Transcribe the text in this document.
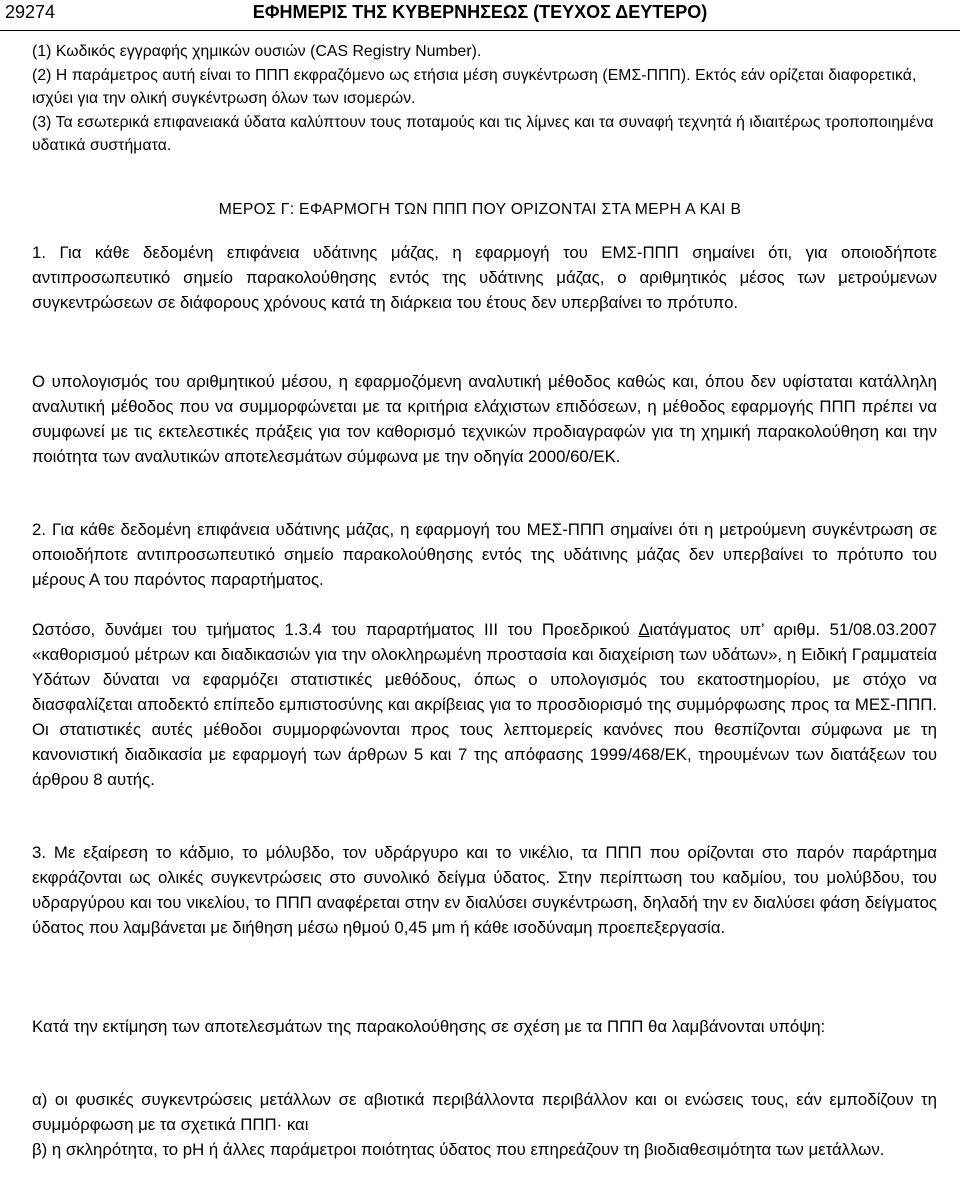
29274	ΕΦΗΜΕΡΙΣ ΤΗΣ ΚΥΒΕΡΝΗΣΕΩΣ (ΤΕΥΧΟΣ ΔΕΥΤΕΡΟ)

(1) Κωδικός εγγραφής χημικών ουσιών (CAS Registry Number).

(2) Η παράμετρος αυτή είναι το ΠΠΠ εκφραζόμενο ως ετήσια μέση συγκέντρωση (ΕΜΣ-ΠΠΠ). Εκτός εάν ορίζεται διαφορετικά, ισχύει για την ολική συγκέντρωση όλων των ισομερών.

(3) Τα εσωτερικά επιφανειακά ύδατα καλύπτουν τους ποταμούς και τις λίμνες και τα συναφή τεχνητά ή ιδιαιτέρως τροποποιημένα υδατικά συστήματα.

ΜΕΡΟΣ Γ: ΕΦΑΡΜΟΓΗ ΤΩΝ ΠΠΠ ΠΟΥ ΟΡΙΖΟΝΤΑΙ ΣΤΑ ΜΕΡΗ Α ΚΑΙ Β

1. Για κάθε δεδομένη επιφάνεια υδάτινης μάζας, η εφαρμογή του ΕΜΣ-ΠΠΠ σημαίνει ότι, για οποιοδήποτε αντιπροσωπευτικό σημείο παρακολούθησης εντός της υδάτινης μάζας, ο αριθμητικός μέσος των μετρούμενων συγκεντρώσεων σε διάφορους χρόνους κατά τη διάρκεια του έτους δεν υπερβαίνει το πρότυπο.

Ο υπολογισμός του αριθμητικού μέσου, η εφαρμοζόμενη αναλυτική μέθοδος καθώς και, όπου δεν υφίσταται κατάλληλη αναλυτική μέθοδος που να συμμορφώνεται με τα κριτήρια ελάχιστων επιδόσεων, η μέθοδος εφαρμογής ΠΠΠ πρέπει να συμφωνεί με τις εκτελεστικές πράξεις για τον καθορισμό τεχνικών προδιαγραφών για τη χημική παρακολούθηση και την ποιότητα των αναλυτικών αποτελεσμάτων σύμφωνα με την οδηγία 2000/60/ΕΚ.

2. Για κάθε δεδομένη επιφάνεια υδάτινης μάζας, η εφαρμογή του ΜΕΣ-ΠΠΠ σημαίνει ότι η μετρούμενη συγκέντρωση σε οποιοδήποτε αντιπροσωπευτικό σημείο παρακολούθησης εντός της υδάτινης μάζας δεν υπερβαίνει το πρότυπο του μέρους Α του παρόντος παραρτήματος.

Ωστόσο, δυνάμει του τμήματος 1.3.4 του παραρτήματος ΙΙΙ του Προεδρικού Διατάγματος υπ’ αριθμ. 51/08.03.2007 «καθορισμού μέτρων και διαδικασιών για την ολοκληρωμένη προστασία και διαχείριση των υδάτων», η Ειδική Γραμματεία Υδάτων δύναται να εφαρμόζει στατιστικές μεθόδους, όπως ο υπολογισμός του εκατοστημορίου, με στόχο να διασφαλίζεται αποδεκτό επίπεδο εμπιστοσύνης και ακρίβειας για το προσδιορισμό της συμμόρφωσης προς τα ΜΕΣ-ΠΠΠ. Οι στατιστικές αυτές μέθοδοι συμμορφώνονται προς τους λεπτομερείς κανόνες που θεσπίζονται σύμφωνα με τη κανονιστική διαδικασία με εφαρμογή των άρθρων 5 και 7 της απόφασης 1999/468/ΕΚ, τηρουμένων των διατάξεων του άρθρου 8 αυτής.

3. Με εξαίρεση το κάδμιο, το μόλυβδο, τον υδράργυρο και το νικέλιο, τα ΠΠΠ που ορίζονται στο παρόν παράρτημα εκφράζονται ως ολικές συγκεντρώσεις στο συνολικό δείγμα ύδατος. Στην περίπτωση του καδμίου, του μολύβδου, του υδραργύρου και του νικελίου, το ΠΠΠ αναφέρεται στην εν διαλύσει συγκέντρωση, δηλαδή την εν διαλύσει φάση δείγματος ύδατος που λαμβάνεται με διήθηση μέσω ηθμού 0,45 μm ή κάθε ισοδύναμη προεπεξεργασία.

Κατά την εκτίμηση των αποτελεσμάτων της παρακολούθησης σε σχέση με τα ΠΠΠ θα λαμβάνονται υπόψη:

α) οι φυσικές συγκεντρώσεις μετάλλων σε αβιοτικά περιβάλλοντα περιβάλλον και οι ενώσεις τους, εάν εμποδίζουν τη συμμόρφωση με τα σχετικά ΠΠΠ· και

β) η σκληρότητα, το pH ή άλλες παράμετροι ποιότητας ύδατος που επηρεάζουν τη βιοδιαθεσιμότητα των μετάλλων.
